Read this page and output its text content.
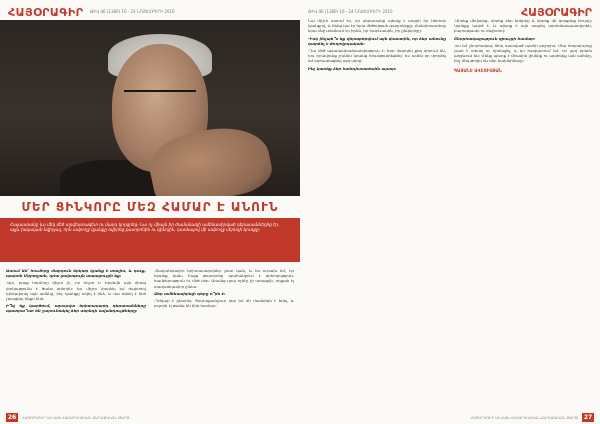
ՀԱՅՕՐԱԳԻՐ ԹԻՎ 46 (1380) 16 - 24 ՆՈՅԵՄԲԵՐԻ 2010
ՄԵՐ ՑԻՆԿՈՐԸ ՄԵԶ ՀԱՄԱՐ Է ԱՆՈՒՆ
Հայաստանը ևս մեկ մեծ արվեստագետ ու մարդ կորցրեց։ Նա ոչ միայն իր ժամանակի ամենասիրված դերասաններից էր, այլև իսկական նվիրյալ, որն ամբողջ կյանքը նվիրեց թատրոնին ու կինոյին, դառնալով մի ամբողջ սերնդի կուռքը։

Ասում են՝ հումորը մարդուն երկար կյանք է տալիս, և դուք, պարոն Մկրտչյան, դրա լավագույն ապացույցն եք։

-Այո, բայց հումորը միշտ չէ, որ հեշտ է։ Երբեմն այն միակ փրկությունն է ծանր օրերին։ Ես միշտ փորձել եմ ժպիտով դիմավորել այն ամենը, ինչ կյանքը տվել է ինձ, և դա օգնել է ինձ չկորցնել ինքս ինձ։

Ի՞նչ եք կարծում, այսօրվա երիտասարդ դերասանները պատրա՞ստ են շարունակել ձեր սերնդի ավանդույթները։

-Տաղանդավոր երիտասարդներ շատ կան, և ես ուրախ եմ, որ նրանք կան։ Բայց թատրոնը պահանջում է զոհողություն, համբերություն ու մեծ սեր։ Առանց դրա ոչինչ չի ստացվի, որքան էլ տաղանդավոր լինես։

Ձեր ամենասիրելի դերը ո՞րն է։

-Դժվար է ընտրել։ Յուրաքանչյուր դեր իմ մի մասնիկն է եղել, և բոլորն էլ թանկ են ինձ համար։

ՀԱՅՕՐԱԳԻՐ ԱՆԿԱԽ ՀԱՍԱՐԱԿԱԿԱՆ-ՔԱՂԱՔԱԿԱՆ ԹԵՐԹ
26
ԹԻՎ 46 (1380) 16 - 24 ՆՈՅԵՄԲԵՐԻ 2010	ՀԱՅՕՐԱԳԻՐ

Նա միշտ ասում էր, որ դերասանը պետք է ապրի իր հերոսի կյանքով, և հենց դա էր նրա մեծության գաղտնիքը։ Հանդիսատեսը նրա մեջ տեսնում էր իրեն, իր հարևանին, իր ընկերոջը։

-Իսկ ինչպե՞ս եք վերաբերվում այն փաստին, որ ձեր անունը դարձել է ժողովրդական։

-Դա մեծ պատասխանատվություն է։ Երբ մարդիկ քեզ սիրում են, դու իրավունք չունես նրանց հիասթափեցնել։ Ես ամեն օր փորձել եմ արդարացնել այդ սերը։

Ինչ կասեք ձեր հանդիսատեսին այսօր։

-Սիրեք միմյանց, սիրեք ձեր երկիրը և երբեք մի կորցրեք հույսը։ Կյանքը կարճ է, և պետք է այն ապրել արժանապատվորեն, բարությամբ ու ժպիտով։

Շնորհակալություն զրույցի համար։

-Ես եմ շնորհակալ։ Թող աստված պահի բոլորիս։ Մեր ժողովուրդը շատ է տեսել ու դիմացել, և ես հավատում եմ, որ լավ օրերն առջևում են։ Մենք պետք է միասին լինենք ու պահենք այն ամենը, ինչ մեզ թողել են մեր նախնիները։

ԳԱՅԱՆԵ ԱՎԵՏԻՍՅԱՆ
ՀԱՅՕՐԱԳԻՐ ԱՆԿԱԽ ՀԱՍԱՐԱԿԱԿԱՆ-ՔԱՂԱՔԱԿԱՆ ԹԵՐԹ 27
